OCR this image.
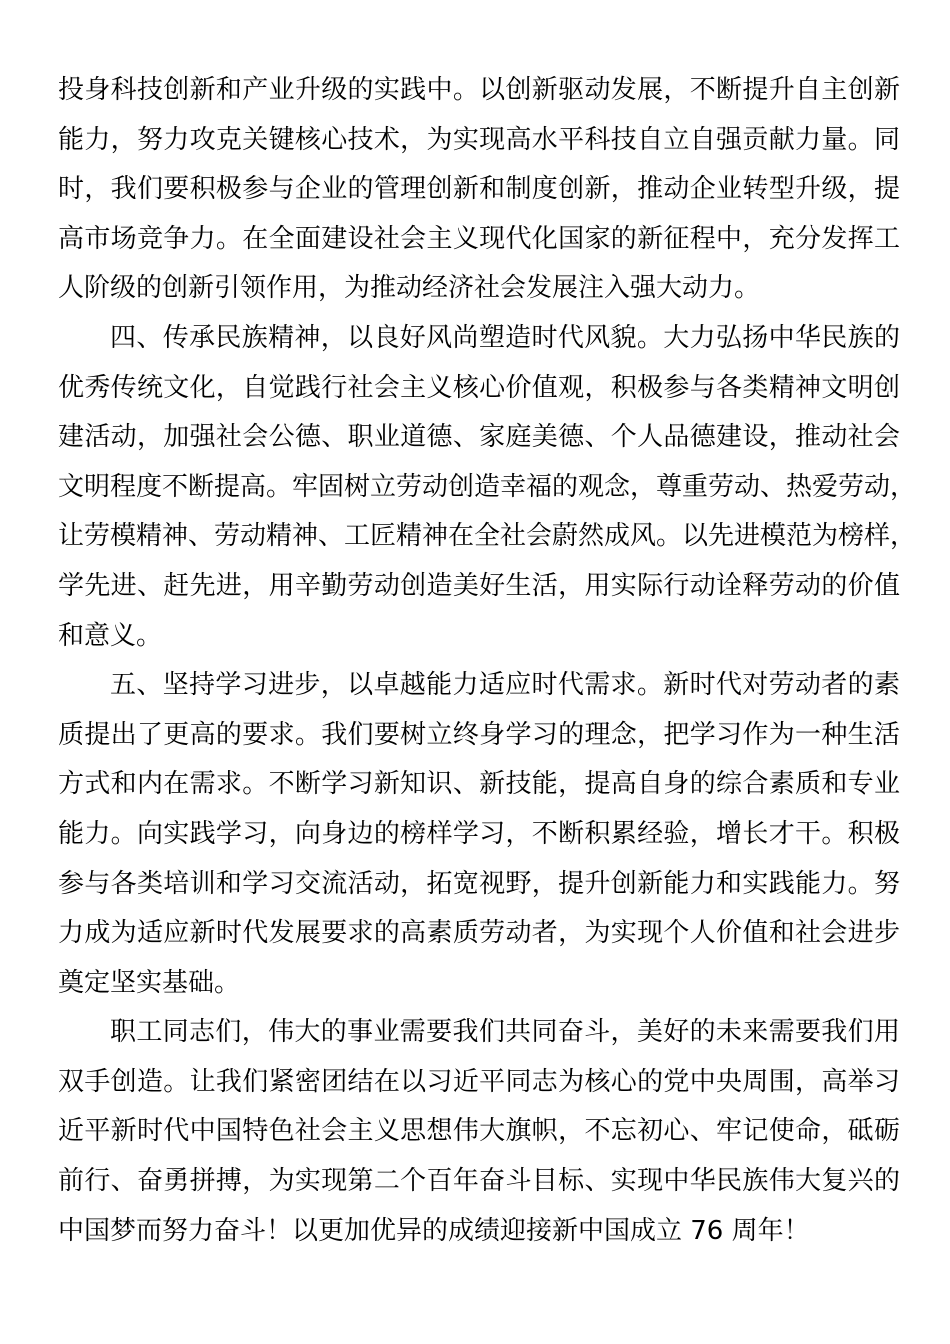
投身科技创新和产业升级的实践中。以创新驱动发展，不断提升自主创新
能力，努力攻克关键核心技术，为实现高水平科技自立自强贡献力量。同
时，我们要积极参与企业的管理创新和制度创新，推动企业转型升级，提
高市场竞争力。在全面建设社会主义现代化国家的新征程中，充分发挥工
人阶级的创新引领作用，为推动经济社会发展注入强大动力。
四、传承民族精神，以良好风尚塑造时代风貌。大力弘扬中华民族的
优秀传统文化，自觉践行社会主义核心价值观，积极参与各类精神文明创
建活动，加强社会公德、职业道德、家庭美德、个人品德建设，推动社会
文明程度不断提高。牢固树立劳动创造幸福的观念，尊重劳动、热爱劳动，
让劳模精神、劳动精神、工匠精神在全社会蔚然成风。以先进模范为榜样，
学先进、赶先进，用辛勤劳动创造美好生活，用实际行动诠释劳动的价值
和意义。
五、坚持学习进步，以卓越能力适应时代需求。新时代对劳动者的素
质提出了更高的要求。我们要树立终身学习的理念，把学习作为一种生活
方式和内在需求。不断学习新知识、新技能，提高自身的综合素质和专业
能力。向实践学习，向身边的榜样学习，不断积累经验，增长才干。积极
参与各类培训和学习交流活动，拓宽视野，提升创新能力和实践能力。努
力成为适应新时代发展要求的高素质劳动者，为实现个人价值和社会进步
奠定坚实基础。
职工同志们，伟大的事业需要我们共同奋斗，美好的未来需要我们用
双手创造。让我们紧密团结在以习近平同志为核心的党中央周围，高举习
近平新时代中国特色社会主义思想伟大旗帜，不忘初心、牢记使命，砥砺
前行、奋勇拼搏，为实现第二个百年奋斗目标、实现中华民族伟大复兴的
中国梦而努力奋斗！以更加优异的成绩迎接新中国成立 76 周年！
